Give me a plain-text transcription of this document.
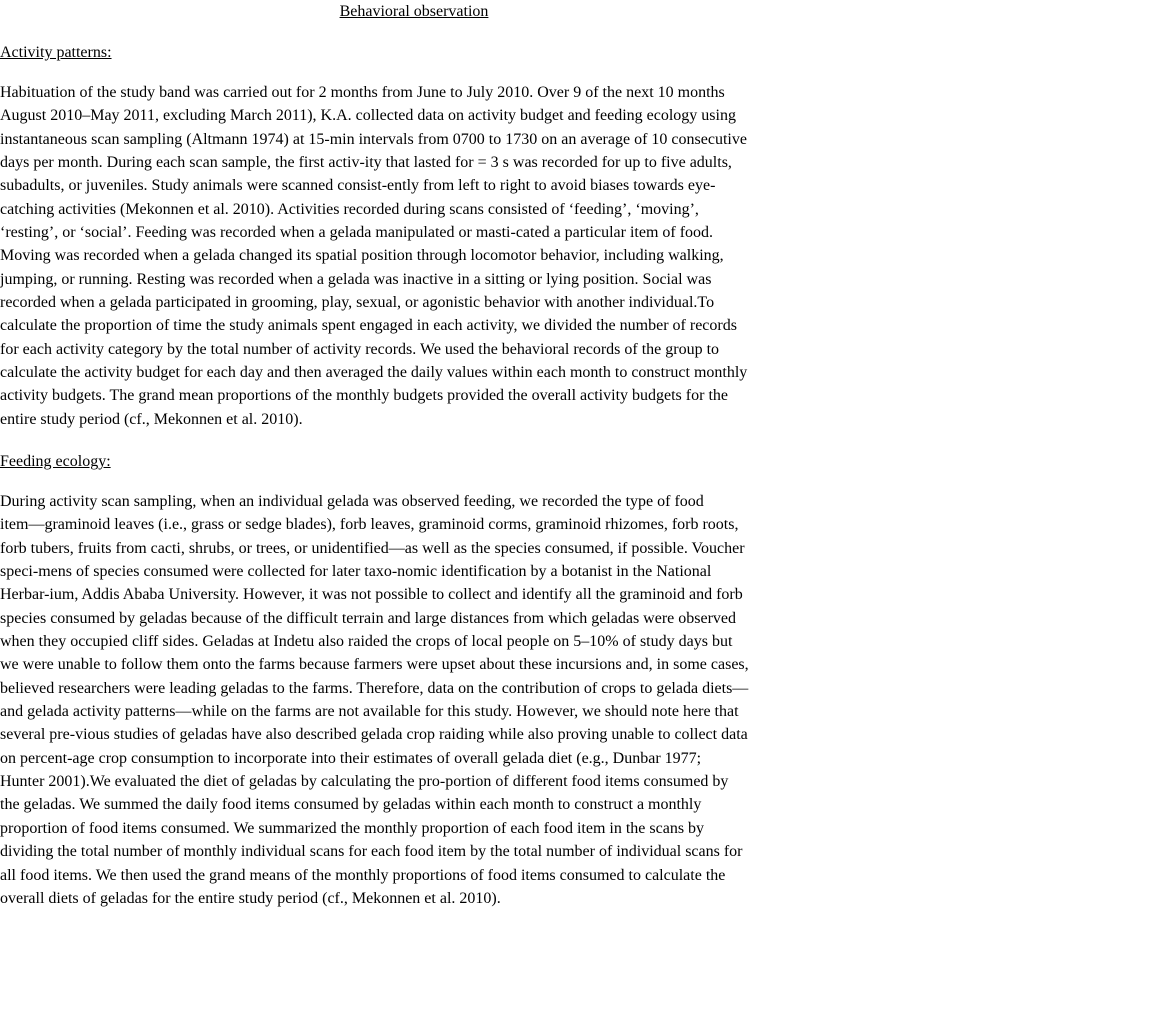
Behavioral observation
Activity patterns:
Habituation of the study band was carried out for 2 months from June to July 2010. Over 9 of the next 10 months
August 2010–May 2011, excluding March 2011), K.A. collected data on activity budget and feeding ecology using
instantaneous scan sampling (Altmann 1974) at 15-min intervals from 0700 to 1730 on an average of 10 consecutive
days per month. During each scan sample, the first activ-ity that lasted for = 3 s was recorded for up to five adults,
subadults, or juveniles. Study animals were scanned consist-ently from left to right to avoid biases towards eye-
catching activities (Mekonnen et al. 2010). Activities recorded during scans consisted of ‘feeding’, ‘moving’,
‘resting’, or ‘social’. Feeding was recorded when a gelada manipulated or masti-cated a particular item of food.
Moving was recorded when a gelada changed its spatial position through locomotor behavior, including walking,
jumping, or running. Resting was recorded when a gelada was inactive in a sitting or lying position. Social was
recorded when a gelada participated in grooming, play, sexual, or agonistic behavior with another individual.To
calculate the proportion of time the study animals spent engaged in each activity, we divided the number of records
for each activity category by the total number of activity records. We used the behavioral records of the group to
calculate the activity budget for each day and then averaged the daily values within each month to construct monthly
activity budgets. The grand mean proportions of the monthly budgets provided the overall activity budgets for the
entire study period (cf., Mekonnen et al. 2010).
Feeding ecology:
During activity scan sampling, when an individual gelada was observed feeding, we recorded the type of food
item—graminoid leaves (i.e., grass or sedge blades), forb leaves, graminoid corms, graminoid rhizomes, forb roots,
forb tubers, fruits from cacti, shrubs, or trees, or unidentified—as well as the species consumed, if possible. Voucher
speci-mens of species consumed were collected for later taxo-nomic identification by a botanist in the National
Herbar-ium, Addis Ababa University. However, it was not possible to collect and identify all the graminoid and forb
species consumed by geladas because of the difficult terrain and large distances from which geladas were observed
when they occupied cliff sides. Geladas at Indetu also raided the crops of local people on 5–10% of study days but
we were unable to follow them onto the farms because farmers were upset about these incursions and, in some cases,
believed researchers were leading geladas to the farms. Therefore, data on the contribution of crops to gelada diets—
and gelada activity patterns—while on the farms are not available for this study. However, we should note here that
several pre-vious studies of geladas have also described gelada crop raiding while also proving unable to collect data
on percent-age crop consumption to incorporate into their estimates of overall gelada diet (e.g., Dunbar 1977;
Hunter 2001).We evaluated the diet of geladas by calculating the pro-portion of different food items consumed by
the geladas. We summed the daily food items consumed by geladas within each month to construct a monthly
proportion of food items consumed. We summarized the monthly proportion of each food item in the scans by
dividing the total number of monthly individual scans for each food item by the total number of individual scans for
all food items. We then used the grand means of the monthly proportions of food items consumed to calculate the
overall diets of geladas for the entire study period (cf., Mekonnen et al. 2010).
